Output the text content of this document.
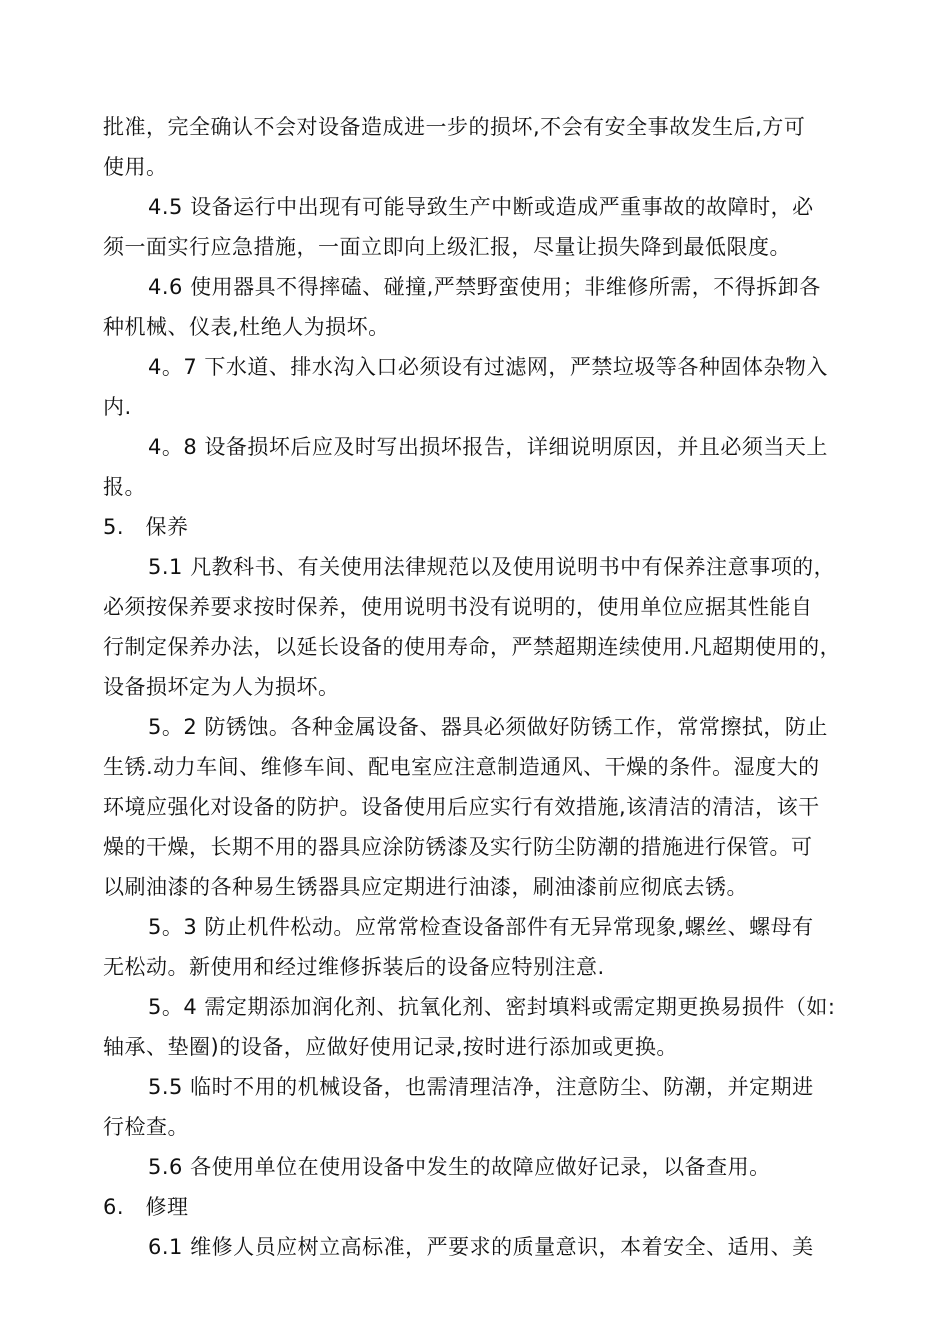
批准，完全确认不会对设备造成进一步的损坏,不会有安全事故发生后,方可
使用。
4.5 设备运行中出现有可能导致生产中断或造成严重事故的故障时，必
须一面实行应急措施，一面立即向上级汇报，尽量让损失降到最低限度。
4.6 使用器具不得摔磕、碰撞,严禁野蛮使用；非维修所需，不得拆卸各
种机械、仪表,杜绝人为损坏。
4。7 下水道、排水沟入口必须设有过滤网，严禁垃圾等各种固体杂物入
内.
4。8 设备损坏后应及时写出损坏报告，详细说明原因，并且必须当天上
报。
5.   保养
5.1 凡教科书、有关使用法律规范以及使用说明书中有保养注意事项的，
必须按保养要求按时保养，使用说明书没有说明的，使用单位应据其性能自
行制定保养办法，以延长设备的使用寿命，严禁超期连续使用.凡超期使用的，
设备损坏定为人为损坏。
5。2 防锈蚀。各种金属设备、器具必须做好防锈工作，常常擦拭，防止
生锈.动力车间、维修车间、配电室应注意制造通风、干燥的条件。湿度大的
环境应强化对设备的防护。设备使用后应实行有效措施,该清洁的清洁，该干
燥的干燥，长期不用的器具应涂防锈漆及实行防尘防潮的措施进行保管。可
以刷油漆的各种易生锈器具应定期进行油漆，刷油漆前应彻底去锈。
5。3 防止机件松动。应常常检查设备部件有无异常现象,螺丝、螺母有
无松动。新使用和经过维修拆装后的设备应特别注意.
5。4 需定期添加润化剂、抗氧化剂、密封填料或需定期更换易损件（如:
轴承、垫圈)的设备，应做好使用记录,按时进行添加或更换。
5.5 临时不用的机械设备，也需清理洁净，注意防尘、防潮，并定期进
行检查。
5.6 各使用单位在使用设备中发生的故障应做好记录，以备查用。
6.   修理
6.1 维修人员应树立高标准，严要求的质量意识，本着安全、适用、美
